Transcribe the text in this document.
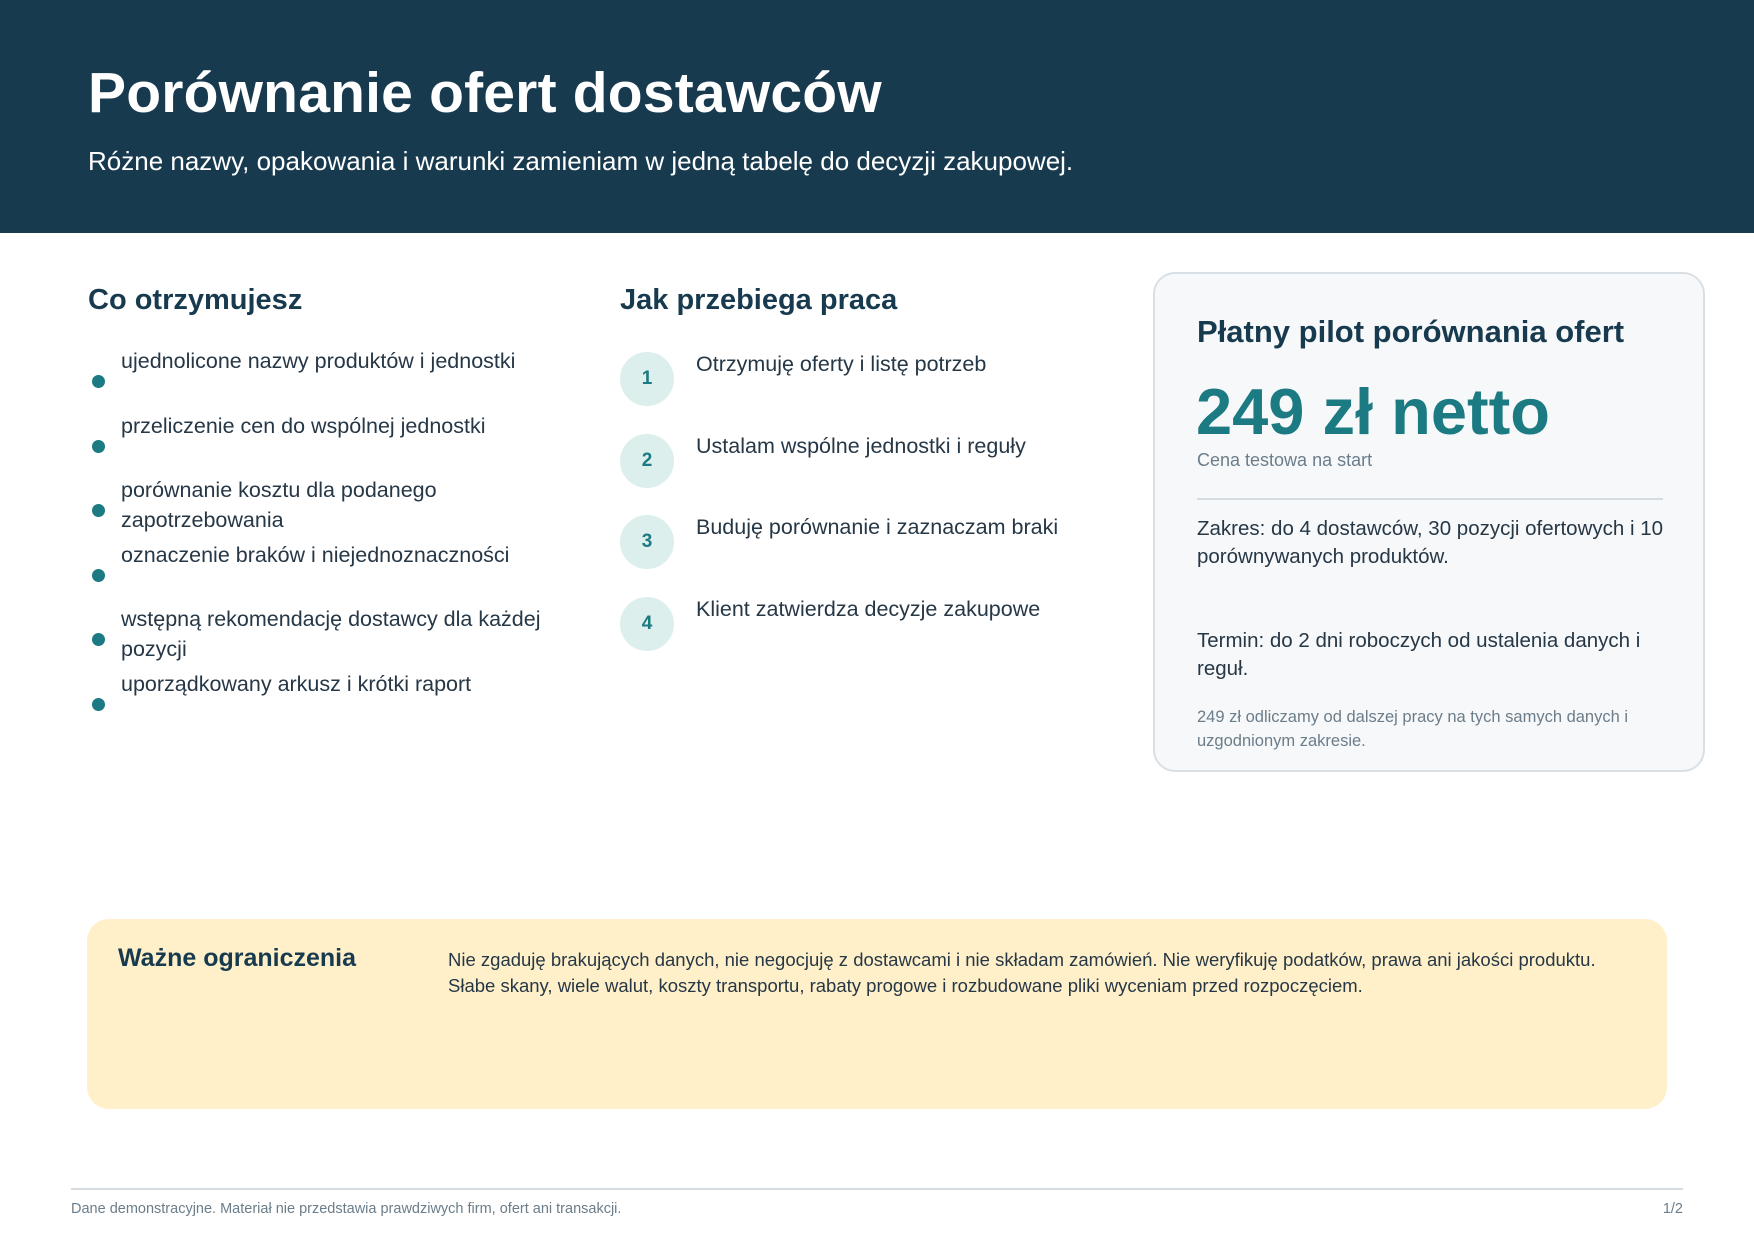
Porównanie ofert dostawców

Różne nazwy, opakowania i warunki zamieniam w jedną tabelę do decyzji zakupowej.

Co otrzymujesz
ujednolicone nazwy produktów i jednostki
przeliczenie cen do wspólnej jednostki
porównanie kosztu dla podanego zapotrzebowania
oznaczenie braków i niejednoznaczności
wstępną rekomendację dostawcy dla każdej pozycji
uporządkowany arkusz i krótki raport
Jak przebiega praca
1
Otrzymuję oferty i listę potrzeb
2
Ustalam wspólne jednostki i reguły
3
Buduję porównanie i zaznaczam braki
4
Klient zatwierdza decyzje zakupowe
Płatny pilot porównania ofert
249 zł netto
Cena testowa na start

Zakres: do 4 dostawców, 30 pozycji ofertowych i 10 porównywanych produktów.

Termin: do 2 dni roboczych od ustalenia danych i reguł.

249 zł odliczamy od dalszej pracy na tych samych danych i uzgodnionym zakresie.

Ważne ograniczenia	Nie zgaduję brakujących danych, nie negocjuję z dostawcami i nie składam zamówień. Nie weryfikuję podatków, prawa ani jakości produktu. Słabe skany, wiele walut, koszty transportu, rabaty progowe i rozbudowane pliki wyceniam przed rozpoczęciem.

Dane demonstracyjne. Materiał nie przedstawia prawdziwych firm, ofert ani transakcji.	1/2
